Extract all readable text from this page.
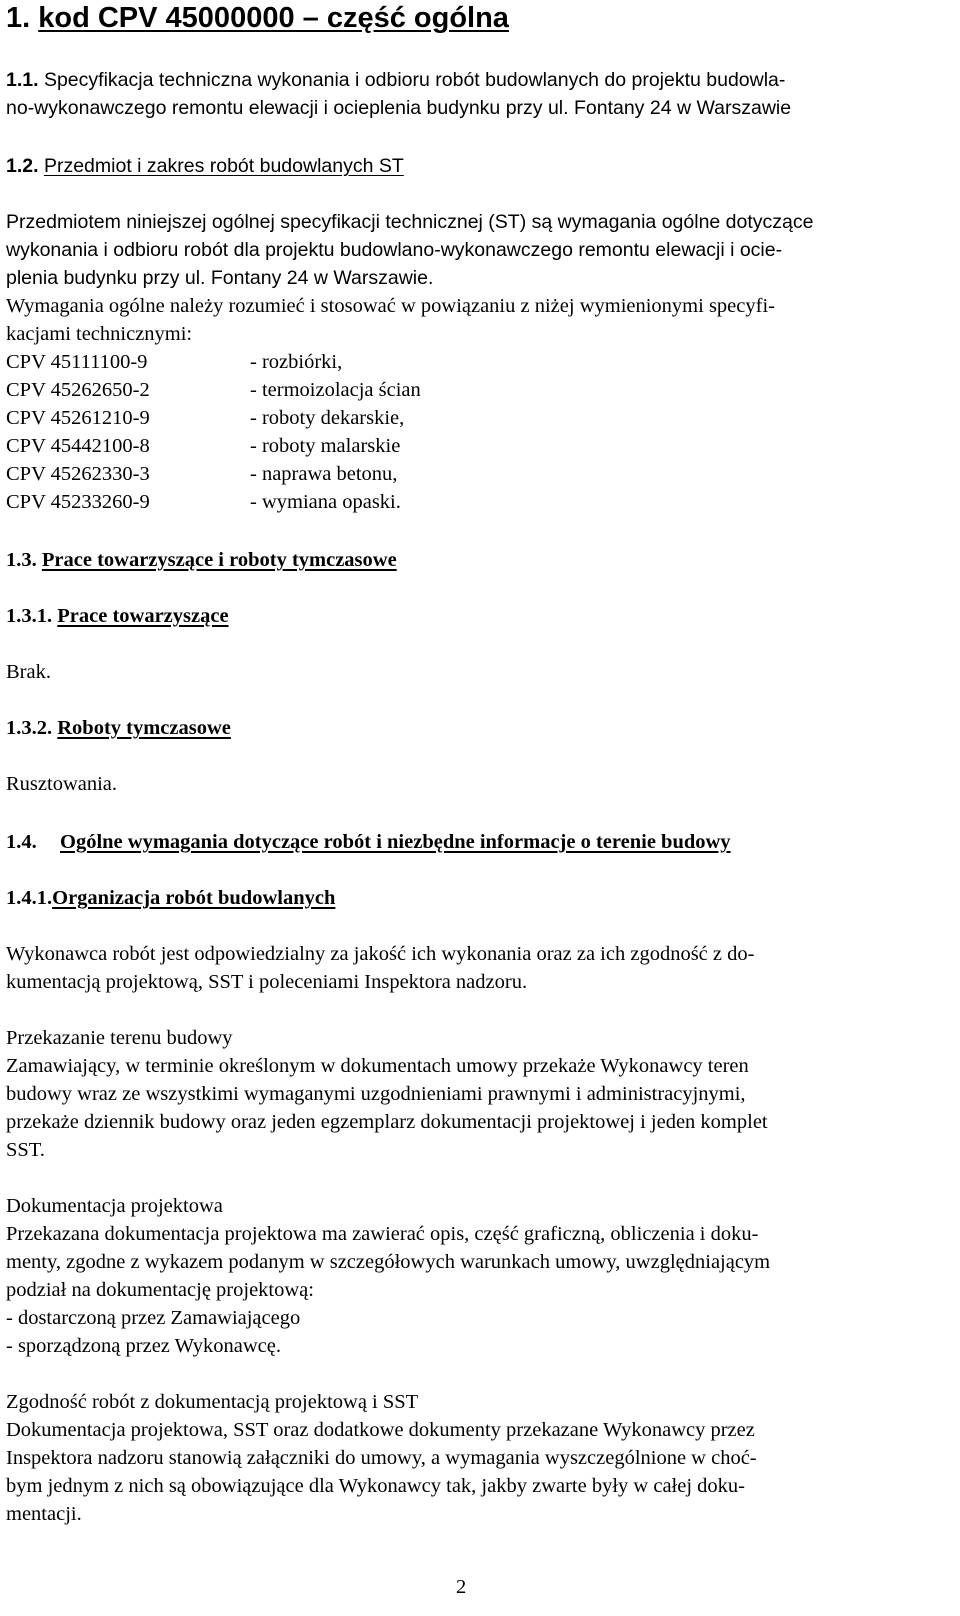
1. kod CPV 45000000 – część ogólna
1.1. Specyfikacja techniczna wykonania i odbioru robót budowlanych do projektu budowla-
no-wykonawczego remontu elewacji i ocieplenia budynku przy ul. Fontany 24 w Warszawie
1.2. Przedmiot i zakres robót budowlanych ST
Przedmiotem niniejszej ogólnej specyfikacji technicznej (ST) są wymagania ogólne dotyczące
wykonania i odbioru robót dla projektu budowlano-wykonawczego remontu elewacji i ocie-
plenia budynku przy ul. Fontany 24 w Warszawie.
Wymagania ogólne należy rozumieć i stosować w powiązaniu z niżej wymienionymi specyfi-
kacjami technicznymi:
CPV 45111100-9	- rozbiórki,
CPV 45262650-2	- termoizolacja ścian
CPV 45261210-9	- roboty dekarskie,
CPV 45442100-8	- roboty malarskie
CPV 45262330-3	- naprawa betonu,
CPV 45233260-9	- wymiana opaski.
1.3. Prace towarzyszące i roboty tymczasowe
1.3.1. Prace towarzyszące
Brak.
1.3.2. Roboty tymczasowe
Rusztowania.
1.4. Ogólne wymagania dotyczące robót i niezbędne informacje o terenie budowy
1.4.1.Organizacja robót budowlanych
Wykonawca robót jest odpowiedzialny za jakość ich wykonania oraz za ich zgodność z do-
kumentacją projektową, SST i poleceniami Inspektora nadzoru.
Przekazanie terenu budowy
Zamawiający, w terminie określonym w dokumentach umowy przekaże Wykonawcy teren
budowy wraz ze wszystkimi wymaganymi uzgodnieniami prawnymi i administracyjnymi,
przekaże dziennik budowy oraz jeden egzemplarz dokumentacji projektowej i jeden komplet
SST.
Dokumentacja projektowa
Przekazana dokumentacja projektowa ma zawierać opis, część graficzną, obliczenia i doku-
menty, zgodne z wykazem podanym w szczegółowych warunkach umowy, uwzględniającym
podział na dokumentację projektową:
- dostarczoną przez Zamawiającego
- sporządzoną przez Wykonawcę.
Zgodność robót z dokumentacją projektową i SST
Dokumentacja projektowa, SST oraz dodatkowe dokumenty przekazane Wykonawcy przez
Inspektora nadzoru stanowią załączniki do umowy, a wymagania wyszczególnione w choć-
bym jednym z nich są obowiązujące dla Wykonawcy tak, jakby zwarte były w całej doku-
mentacji.
2
